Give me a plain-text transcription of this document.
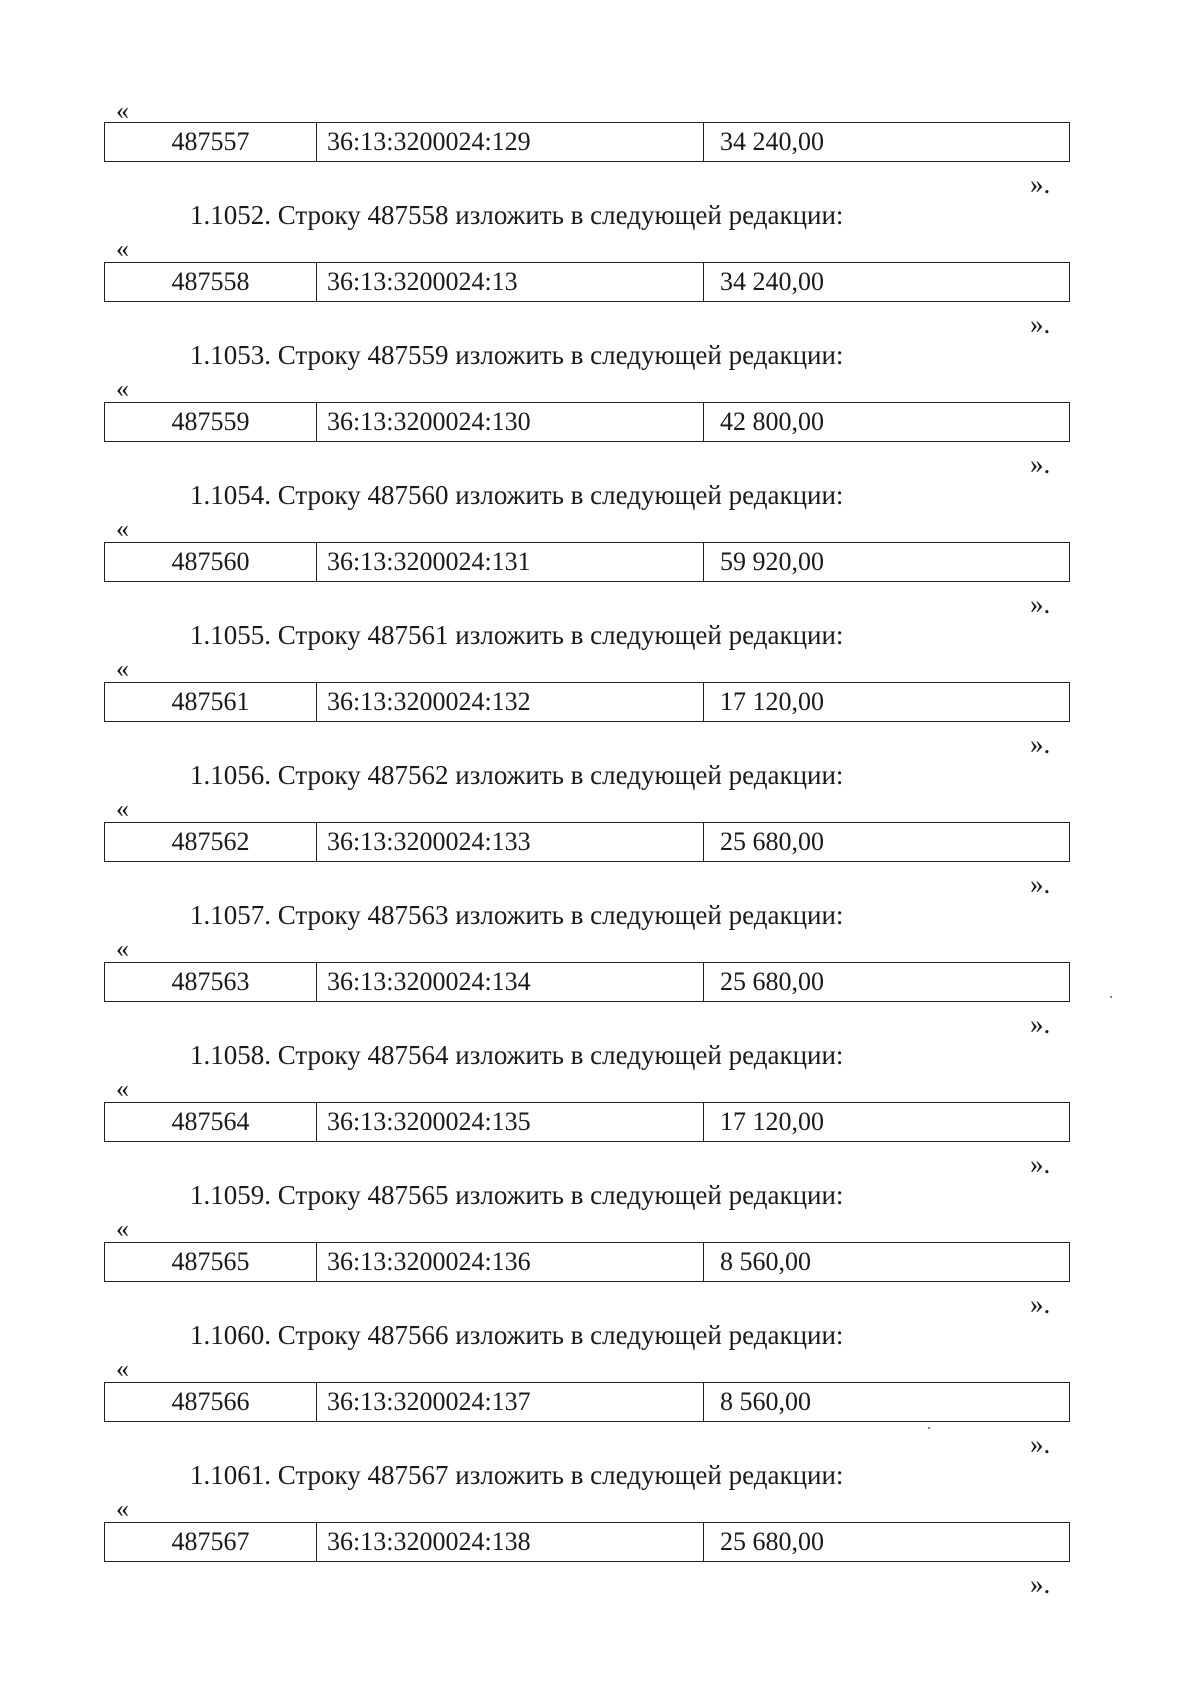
«
487557	36:13:3200024:129	34 240,00
».
1.1052. Строку 487558 изложить в следующей редакции:
«
487558	36:13:3200024:13	34 240,00
».
1.1053. Строку 487559 изложить в следующей редакции:
«
487559	36:13:3200024:130	42 800,00
».
1.1054. Строку 487560 изложить в следующей редакции:
«
487560	36:13:3200024:131	59 920,00
».
1.1055. Строку 487561 изложить в следующей редакции:
«
487561	36:13:3200024:132	17 120,00
».
1.1056. Строку 487562 изложить в следующей редакции:
«
487562	36:13:3200024:133	25 680,00
».
1.1057. Строку 487563 изложить в следующей редакции:
«
487563	36:13:3200024:134	25 680,00
».
1.1058. Строку 487564 изложить в следующей редакции:
«
487564	36:13:3200024:135	17 120,00
».
1.1059. Строку 487565 изложить в следующей редакции:
«
487565	36:13:3200024:136	8 560,00
».
1.1060. Строку 487566 изложить в следующей редакции:
«
487566	36:13:3200024:137	8 560,00
».
1.1061. Строку 487567 изложить в следующей редакции:
«
487567	36:13:3200024:138	25 680,00
».
